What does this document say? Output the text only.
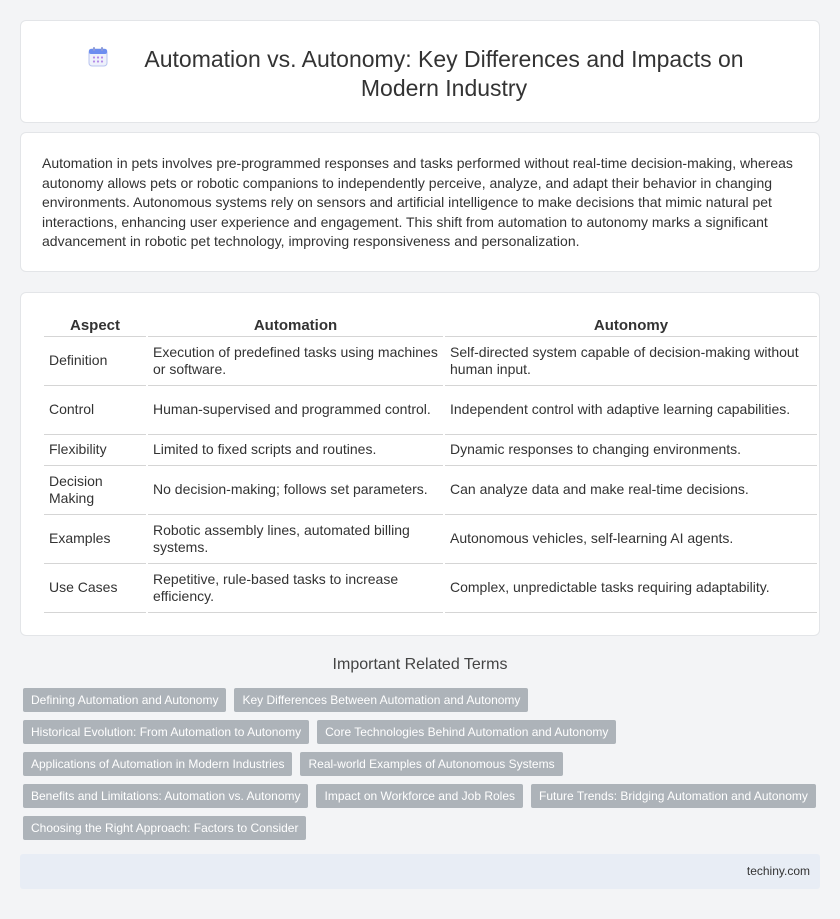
Automation vs. Autonomy: Key Differences and Impacts on Modern Industry

Automation in pets involves pre-programmed responses and tasks performed without real-time decision-making, whereas autonomy allows pets or robotic companions to independently perceive, analyze, and adapt their behavior in changing environments. Autonomous systems rely on sensors and artificial intelligence to make decisions that mimic natural pet interactions, enhancing user experience and engagement. This shift from automation to autonomy marks a significant advancement in robotic pet technology, improving responsiveness and personalization.

Aspect	Automation	Autonomy
Definition	Execution of predefined tasks using machines or software.	Self-directed system capable of decision-making without human input.
Control	Human-supervised and programmed control.	Independent control with adaptive learning capabilities.
Flexibility	Limited to fixed scripts and routines.	Dynamic responses to changing environments.
Decision Making	No decision-making; follows set parameters.	Can analyze data and make real-time decisions.
Examples	Robotic assembly lines, automated billing systems.	Autonomous vehicles, self-learning AI agents.
Use Cases	Repetitive, rule-based tasks to increase efficiency.	Complex, unpredictable tasks requiring adaptability.
Important Related Terms
Defining Automation and Autonomy	Key Differences Between Automation and Autonomy
Historical Evolution: From Automation to Autonomy	Core Technologies Behind Automation and Autonomy
Applications of Automation in Modern Industries	Real-world Examples of Autonomous Systems
Benefits and Limitations: Automation vs. Autonomy	Impact on Workforce and Job Roles	Future Trends: Bridging Automation and Autonomy
Choosing the Right Approach: Factors to Consider
techiny.com
